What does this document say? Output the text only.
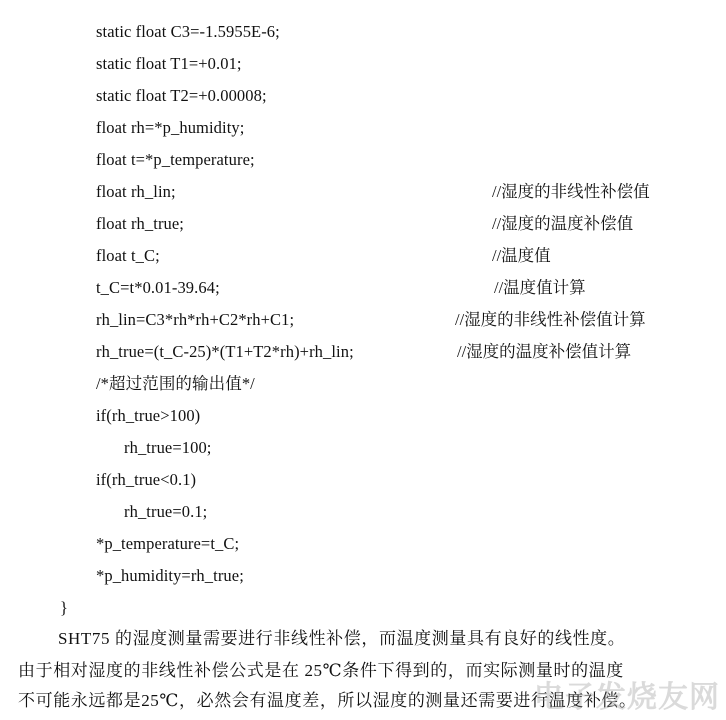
static float C3=-1.5955E-6;
static float T1=+0.01;
static float T2=+0.00008;
float rh=*p_humidity;
float t=*p_temperature;
float rh_lin;	//湿度的非线性补偿值
float rh_true;	//湿度的温度补偿值
float t_C;	//温度值
t_C=t*0.01-39.64;	//温度值计算
rh_lin=C3*rh*rh+C2*rh+C1;	//湿度的非线性补偿值计算
rh_true=(t_C-25)*(T1+T2*rh)+rh_lin;	//湿度的温度补偿值计算
/*超过范围的输出值*/
if(rh_true>100)
rh_true=100;
if(rh_true<0.1)
rh_true=0.1;
*p_temperature=t_C;
*p_humidity=rh_true;
}
SHT75 的湿度测量需要进行非线性补偿，而温度测量具有良好的线性度。
由于相对湿度的非线性补偿公式是在 25℃条件下得到的，而实际测量时的温度
不可能永远都是25℃，必然会有温度差，所以湿度的测量还需要进行温度补偿。
电子发烧友网
